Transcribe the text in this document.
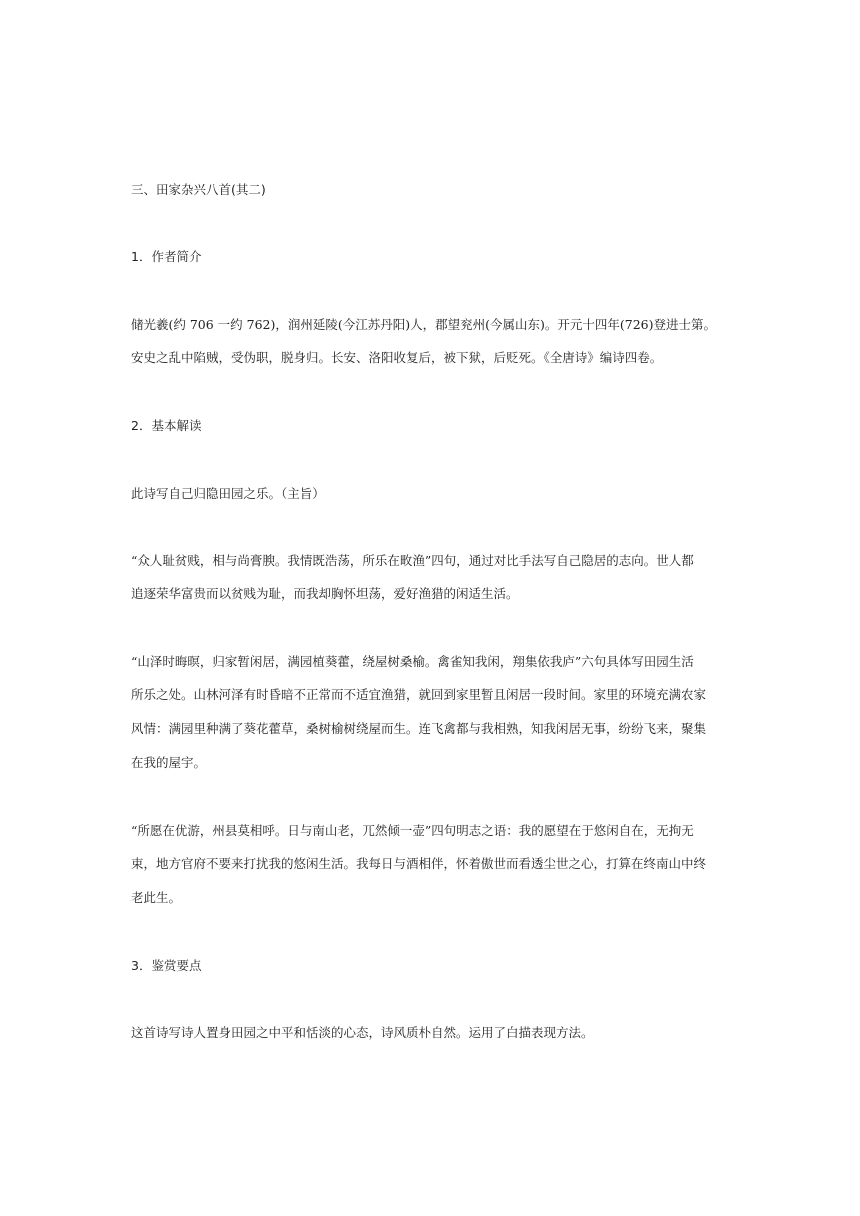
三、田家杂兴八首(其二)
1．作者简介
储光羲(约 706 一约 762)，润州延陵(今江苏丹阳)人，郡望兖州(今属山东)。开元十四年(726)登进士第。
安史之乱中陷贼，受伪职，脱身归。长安、洛阳收复后，被下狱，后贬死。《全唐诗》编诗四卷。
2．基本解读
此诗写自己归隐田园之乐。（主旨）
“众人耻贫贱，相与尚膏腴。我情既浩荡，所乐在畋渔”四句，通过对比手法写自己隐居的志向。世人都
追逐荣华富贵而以贫贱为耻，而我却胸怀坦荡，爱好渔猎的闲适生活。
“山泽时晦暝，归家暂闲居，满园植葵藿，绕屋树桑榆。禽雀知我闲，翔集依我庐”六句具体写田园生活
所乐之处。山林河泽有时昏暗不正常而不适宜渔猎，就回到家里暂且闲居一段时间。家里的环境充满农家
风情：满园里种满了葵花藿草，桑树榆树绕屋而生。连飞禽都与我相熟，知我闲居无事，纷纷飞来，聚集
在我的屋宇。
“所愿在优游，州县莫相呼。日与南山老，兀然倾一壶”四句明志之语：我的愿望在于悠闲自在，无拘无
束，地方官府不要来打扰我的悠闲生活。我每日与酒相伴，怀着傲世而看透尘世之心，打算在终南山中终
老此生。
3．鉴赏要点
这首诗写诗人置身田园之中平和恬淡的心态，诗风质朴自然。运用了白描表现方法。
